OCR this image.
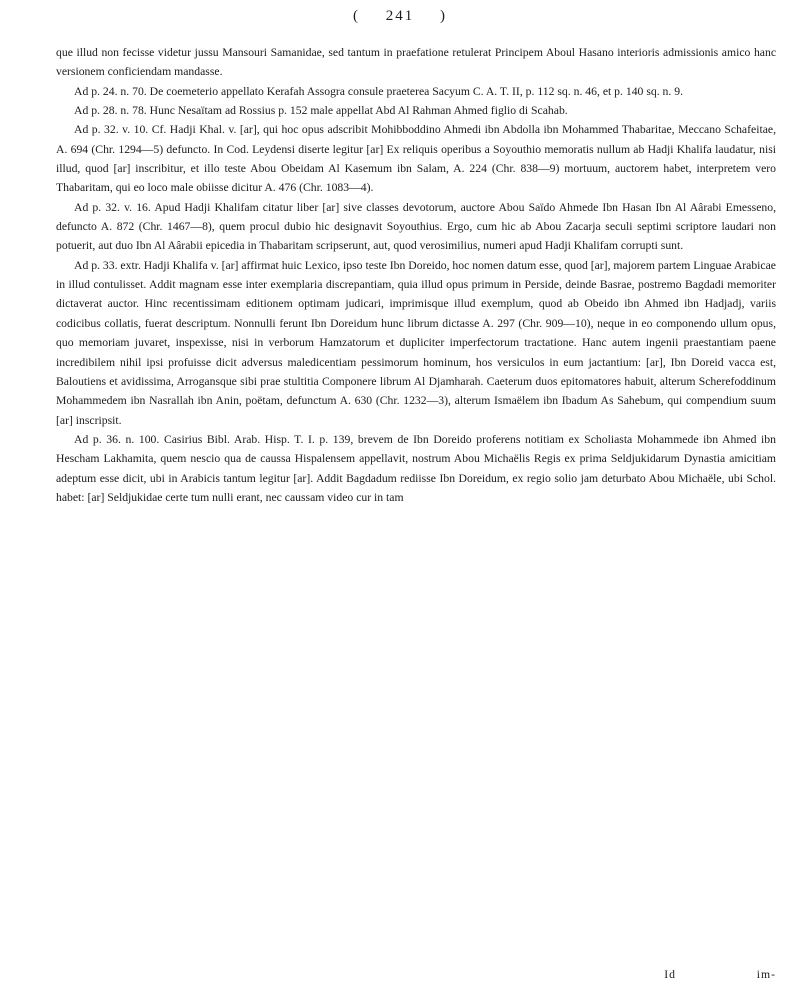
( 241 )

que illud non fecisse videtur jussu Mansouri Samanidae, sed tantum in praefatione retulerat Principem Aboul Hasano interioris admissionis amico hanc versionem conficiendam mandasse.

Ad p. 24. n. 70. De coemeterio appellato Kerafah Assogra consule praeterea Sacyum C. A. T. II, p. 112 sq. n. 46, et p. 140 sq. n. 9.

Ad p. 28. n. 78. Hunc Nesaïtam ad Rossius p. 152 male appellat Abd Al Rahman Ahmed figlio di Scahab.

Ad p. 32. v. 10. Cf. Hadji Khal. v. [ar], qui hoc opus adscribit Mohibboddino Ahmedi ibn Abdolla ibn Mohammed Thabaritae, Meccano Schafeitae, A. 694 (Chr. 1294—5) defuncto. In Cod. Leydensi diserte legitur [ar] Ex reliquis operibus a Soyouthio memoratis nullum ab Hadji Khalifa laudatur, nisi illud, quod [ar] inscribitur, et illo teste Abou Obeidam Al Kasemum ibn Salam, A. 224 (Chr. 838—9) mortuum, auctorem habet, interpretem vero Thabaritam, qui eo loco male obiisse dicitur A. 476 (Chr. 1083—4).

Ad p. 32. v. 16. Apud Hadji Khalifam citatur liber [ar] sive classes devotorum, auctore Abou Saïdo Ahmede Ibn Hasan Ibn Al Aârabi Emesseno, defuncto A. 872 (Chr. 1467—8), quem procul dubio hic designavit Soyouthius. Ergo, cum hic ab Abou Zacarja seculi septimi scriptore laudari non potuerit, aut duo Ibn Al Aârabii epicedia in Thabaritam scripserunt, aut, quod verosimilius, numeri apud Hadji Khalifam corrupti sunt.

Ad p. 33. extr. Hadji Khalifa v. [ar] affirmat huic Lexico, ipso teste Ibn Doreido, hoc nomen datum esse, quod [ar], majorem partem Linguae Arabicae in illud contulisset. Addit magnam esse inter exemplaria discrepantiam, quia illud opus primum in Perside, deinde Basrae, postremo Bagdadi memoriter dictaverat auctor. Hinc recentissimam editionem optimam judicari, imprimisque illud exemplum, quod ab Obeido ibn Ahmed ibn Hadjadj, variis codicibus collatis, fuerat descriptum. Nonnulli ferunt Ibn Doreidum hunc librum dictasse A. 297 (Chr. 909—10), neque in eo componendo ullum opus, quo memoriam juvaret, inspexisse, nisi in verborum Hamzatorum et dupliciter imperfectorum tractatione. Hanc autem ingenii praestantiam paene incredibilem nihil ipsi profuisse dicit adversus maledicentiam pessimorum hominum, hos versiculos in eum jactantium: [ar], Ibn Doreid vacca est, Baloutiens et avidissima, Arrogansque sibi prae stultitia Componere librum Al Djamharah. Caeterum duos epitomatores habuit, alterum Scherefoddinum Mohammedem ibn Nasrallah ibn Anin, poëtam, defunctum A. 630 (Chr. 1232—3), alterum Ismaëlem ibn Ibadum As Sahebum, qui compendium suum [ar] inscripsit.

Ad p. 36. n. 100. Casirius Bibl. Arab. Hisp. T. I. p. 139, brevem de Ibn Doreido proferens notitiam ex Scholiasta Mohammede ibn Ahmed ibn Hescham Lakhamita, quem nescio qua de caussa Hispalensem appellavit, nostrum Abou Michaëlis Regis ex prima Seldjukidarum Dynastia amicitiam adeptum esse dicit, ubi in Arabicis tantum legitur [ar]. Addit Bagdadum rediisse Ibn Doreidum, ex regio solio jam deturbato Abou Michaële, ubi Schol. habet: [ar] Seldjukidae certe tum nulli erant, nec caussam video cur in tam

Id	im-
